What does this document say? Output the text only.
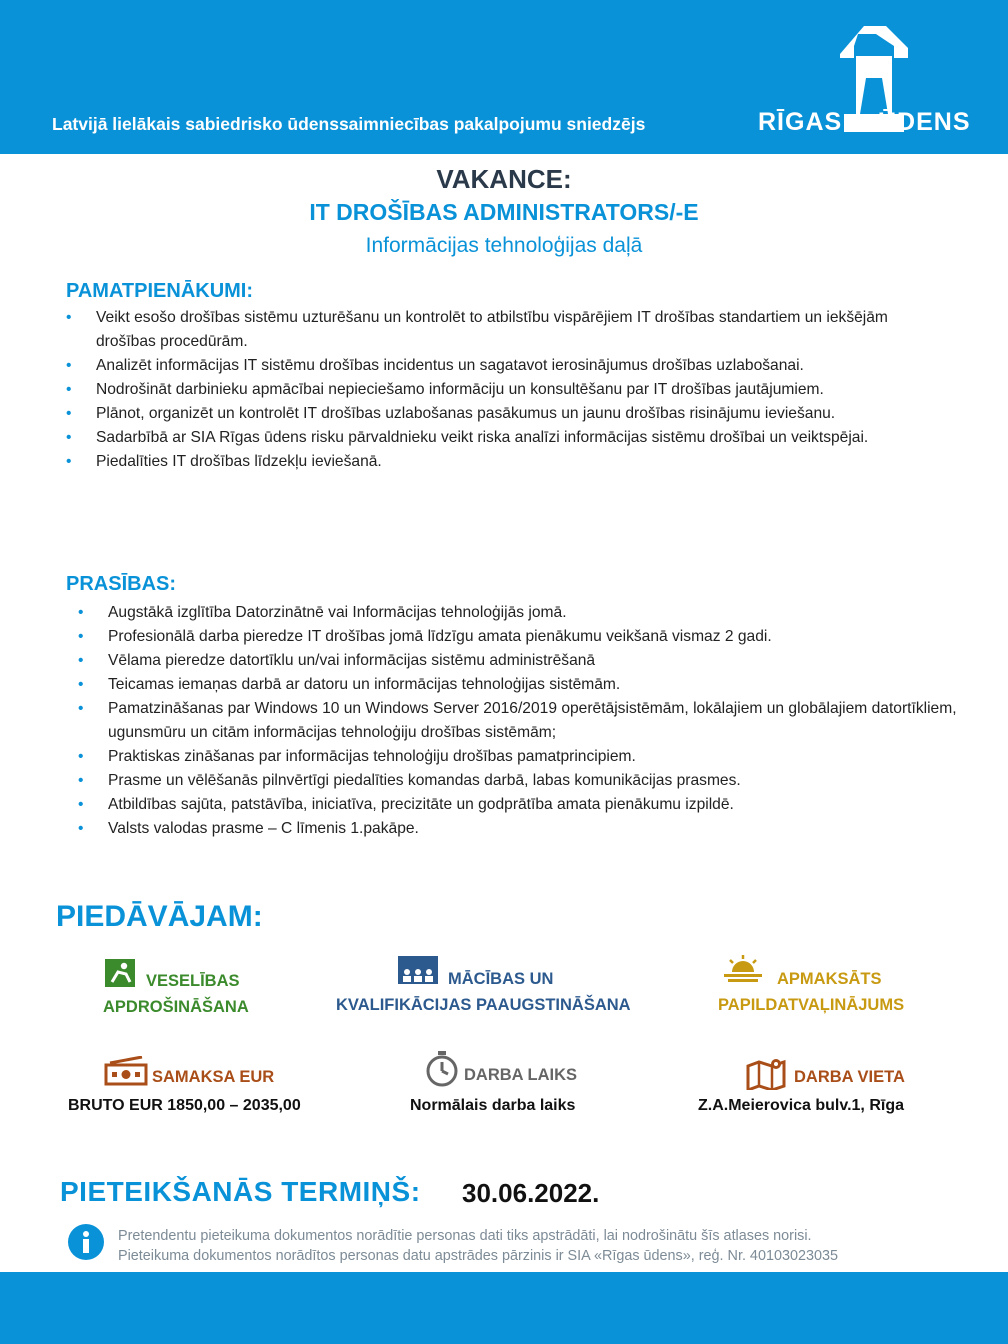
Latvijā lielākais sabiedrisko ūdenssaimniecības pakalpojumu sniedzējs	RĪGAS ŪDENS
VAKANCE:
IT DROŠĪBAS ADMINISTRATORS/-E
Informācijas tehnoloģijas daļā
PAMATPIENĀKUMI:
• Veikt esošo drošības sistēmu uzturēšanu un kontrolēt to atbilstību vispārējiem IT drošības standartiem un iekšējām drošības procedūrām.
• Analizēt informācijas IT sistēmu drošības incidentus un sagatavot ierosinājumus drošības uzlabošanai.
• Nodrošināt darbinieku apmācībai nepieciešamo informāciju un konsultēšanu par IT drošības jautājumiem.
• Plānot, organizēt un kontrolēt IT drošības uzlabošanas pasākumus un jaunu drošības risinājumu ieviešanu.
• Sadarbībā ar SIA Rīgas ūdens risku pārvaldnieku veikt riska analīzi informācijas sistēmu drošībai un veiktspējai.
• Piedalīties IT drošības līdzekļu ieviešanā.
PRASĪBAS:
• Augstākā izglītība Datorzinātnē vai Informācijas tehnoloģijās jomā.
• Profesionālā darba pieredze IT drošības jomā līdzīgu amata pienākumu veikšanā vismaz 2 gadi.
• Vēlama pieredze datortīklu un/vai informācijas sistēmu administrēšanā
• Teicamas iemaņas darbā ar datoru un informācijas tehnoloģijas sistēmām.
• Pamatzināšanas par Windows 10 un Windows Server 2016/2019 operētājsistēmām, lokālajiem un globālajiem datortīkliem, ugunsmūru un citām informācijas tehnoloģiju drošības sistēmām;
• Praktiskas zināšanas par informācijas tehnoloģiju drošības pamatprincipiem.
• Prasme un vēlēšanās pilnvērtīgi piedalīties komandas darbā, labas komunikācijas prasmes.
• Atbildības sajūta, patstāvība, iniciatīva, precizitāte un godprātība amata pienākumu izpildē.
• Valsts valodas prasme – C līmenis 1.pakāpe.
PIEDĀVĀJAM:
VESELĪBAS
APDROŠINĀŠANA
MĀCĪBAS UN
KVALIFIKĀCIJAS PAAUGSTINĀŠANA
APMAKSĀTS
PAPILDATVAĻINĀJUMS
SAMAKSA EUR
BRUTO EUR 1850,00 – 2035,00
DARBA LAIKS
Normālais darba laiks
DARBA VIETA
Z.A.Meierovica bulv.1, Rīga
PIETEIKŠANĀS TERMIŅŠ: 30.06.2022.
Pretendentu pieteikuma dokumentos norādītie personas dati tiks apstrādāti, lai nodrošinātu šīs atlases norisi.
Pieteikuma dokumentos norādītos personas datu apstrādes pārzinis ir SIA «Rīgas ūdens», reģ. Nr. 40103023035
